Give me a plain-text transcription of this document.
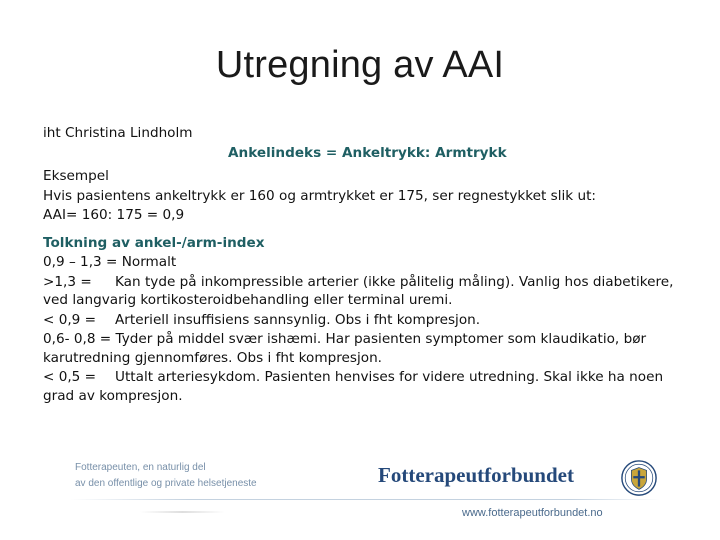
Utregning av AAI
iht Christina Lindholm
Ankelindeks = Ankeltrykk: Armtrykk
Eksempel
Hvis pasientens ankeltrykk er 160 og armtrykket er 175, ser regnestykket slik ut:
AAI= 160: 175 = 0,9
Tolkning av ankel-/arm-index
0,9 – 1,3 = Normalt
>1,3 = Kan tyde på inkompressible arterier (ikke pålitelig måling). Vanlig hos diabetikere, ved langvarig kortikosteroidbehandling eller terminal uremi.
< 0,9 = Arteriell insuffisiens sannsynlig. Obs i fht kompresjon.
0,6- 0,8 = Tyder på middel svær ishæmi. Har pasienten symptomer som klaudikatio, bør karutredning gjennomføres. Obs i fht kompresjon.
< 0,5 = Uttalt arteriesykdom. Pasienten henvises for videre utredning. Skal ikke ha noen grad av kompresjon.
Fotterapeuten, en naturlig del
av den offentlige og private helsetjeneste	Fotterapeutforbundet
www.fotterapeutforbundet.no
